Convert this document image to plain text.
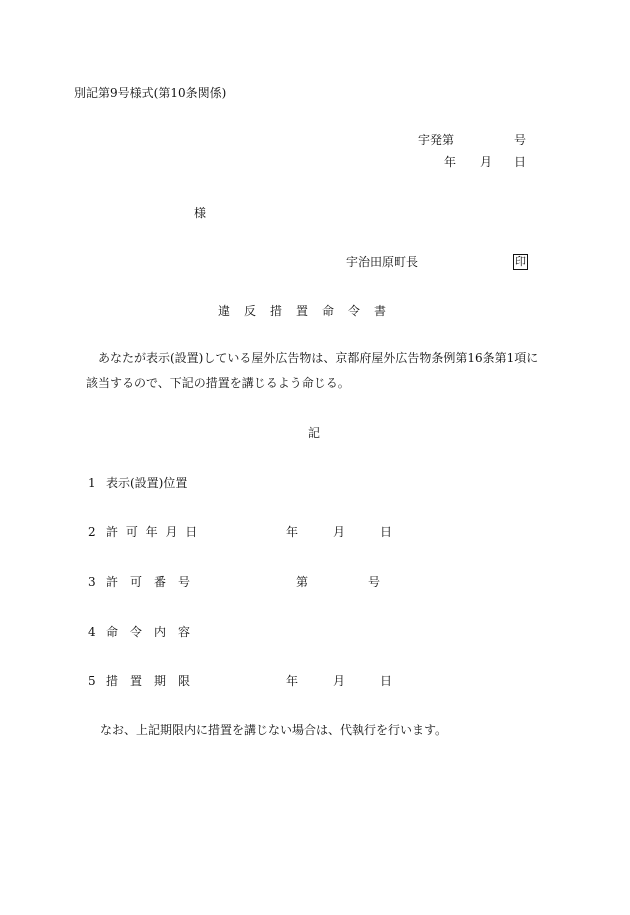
別記第9号様式(第10条関係)
宇発第	号
年 月 日
様
宇治田原町長	印
違　反　措　置　命　令　書
あなたが表示(設置)している屋外広告物は、京都府屋外広告物条例第16条第1項に該当するので、下記の措置を講じるよう命じる。
記
1 表示(設置)位置
2 許 可 年 月 日	年	月	日
3 許　可　番　号	第	号
4 命　令　内　容
5 措　置　期　限	年	月	日
なお、上記期限内に措置を講じない場合は、代執行を行います。
